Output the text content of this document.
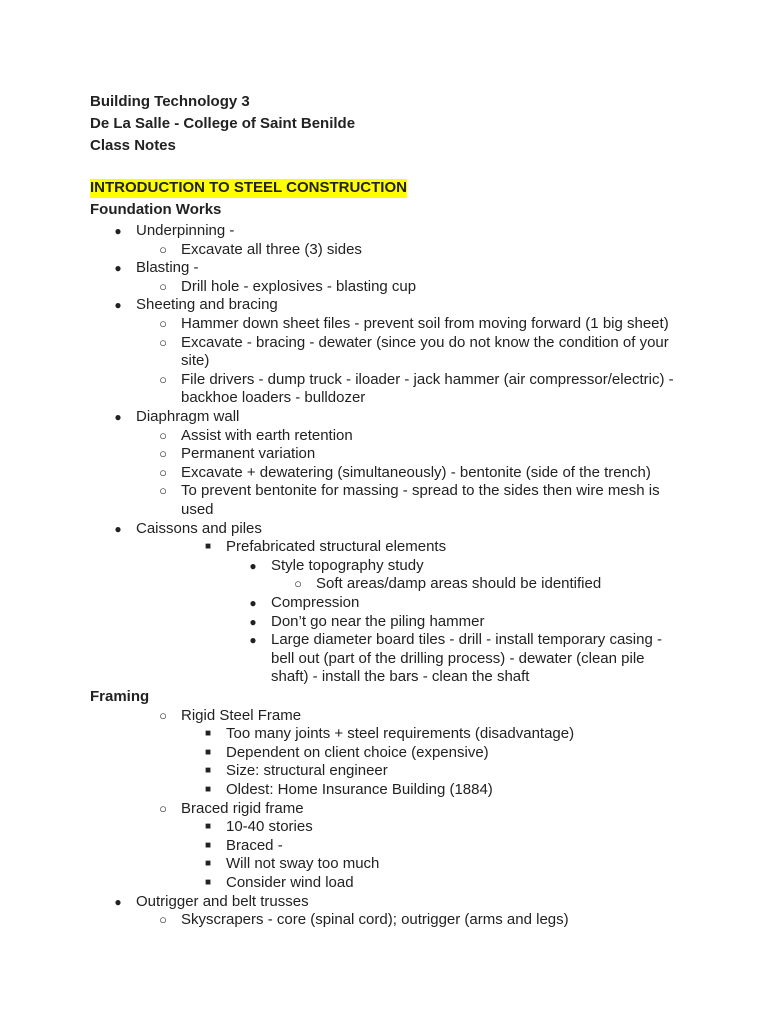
Building Technology 3
De La Salle - College of Saint Benilde
Class Notes
INTRODUCTION TO STEEL CONSTRUCTION
Foundation Works
● Underpinning -
○ Excavate all three (3) sides
● Blasting -
○ Drill hole - explosives - blasting cup
● Sheeting and bracing
○ Hammer down sheet files - prevent soil from moving forward (1 big sheet)
○ Excavate - bracing - dewater (since you do not know the condition of your
site)
○ File drivers - dump truck - iloader - jack hammer (air compressor/electric) -
backhoe loaders - bulldozer
● Diaphragm wall
○ Assist with earth retention
○ Permanent variation
○ Excavate + dewatering (simultaneously) - bentonite (side of the trench)
○ To prevent bentonite for massing - spread to the sides then wire mesh is
used
● Caissons and piles
■ Prefabricated structural elements
● Style topography study
○ Soft areas/damp areas should be identified
● Compression
● Don’t go near the piling hammer
● Large diameter board tiles - drill - install temporary casing -
bell out (part of the drilling process) - dewater (clean pile
shaft) - install the bars - clean the shaft
Framing
○ Rigid Steel Frame
■ Too many joints + steel requirements (disadvantage)
■ Dependent on client choice (expensive)
■ Size: structural engineer
■ Oldest: Home Insurance Building (1884)
○ Braced rigid frame
■ 10-40 stories
■ Braced -
■ Will not sway too much
■ Consider wind load
● Outrigger and belt trusses
○ Skyscrapers - core (spinal cord); outrigger (arms and legs)
